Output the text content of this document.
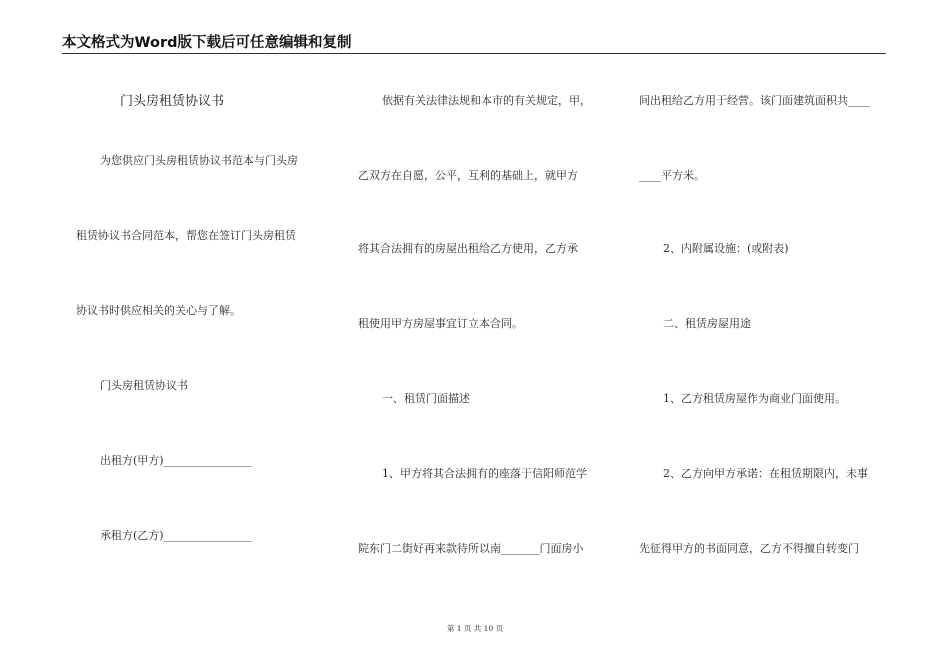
本文格式为Word版下载后可任意编辑和复制
门头房租赁协议书
为您供应门头房租赁协议书范本与门头房
租赁协议书合同范本，帮您在签订门头房租赁
协议书时供应相关的关心与了解。
门头房租赁协议书
出租方(甲方)________________
承租方(乙方)________________
依据有关法律法规和本市的有关规定，甲，
乙双方在自愿，公平，互利的基础上，就甲方
将其合法拥有的房屋出租给乙方使用，乙方承
租使用甲方房屋事宜订立本合同。
一、租赁门面描述
1、甲方将其合法拥有的座落于信阳师范学
院东门二街好再来款待所以南_______门面房小
间出租给乙方用于经营。该门面建筑面积共____
____平方米。
2、内附属设施：(或附表)
二、租赁房屋用途
1、乙方租赁房屋作为商业门面使用。
2、乙方向甲方承诺：在租赁期限内，未事
先征得甲方的书面同意，乙方不得擅自转变门
第 1 页 共 10 页
